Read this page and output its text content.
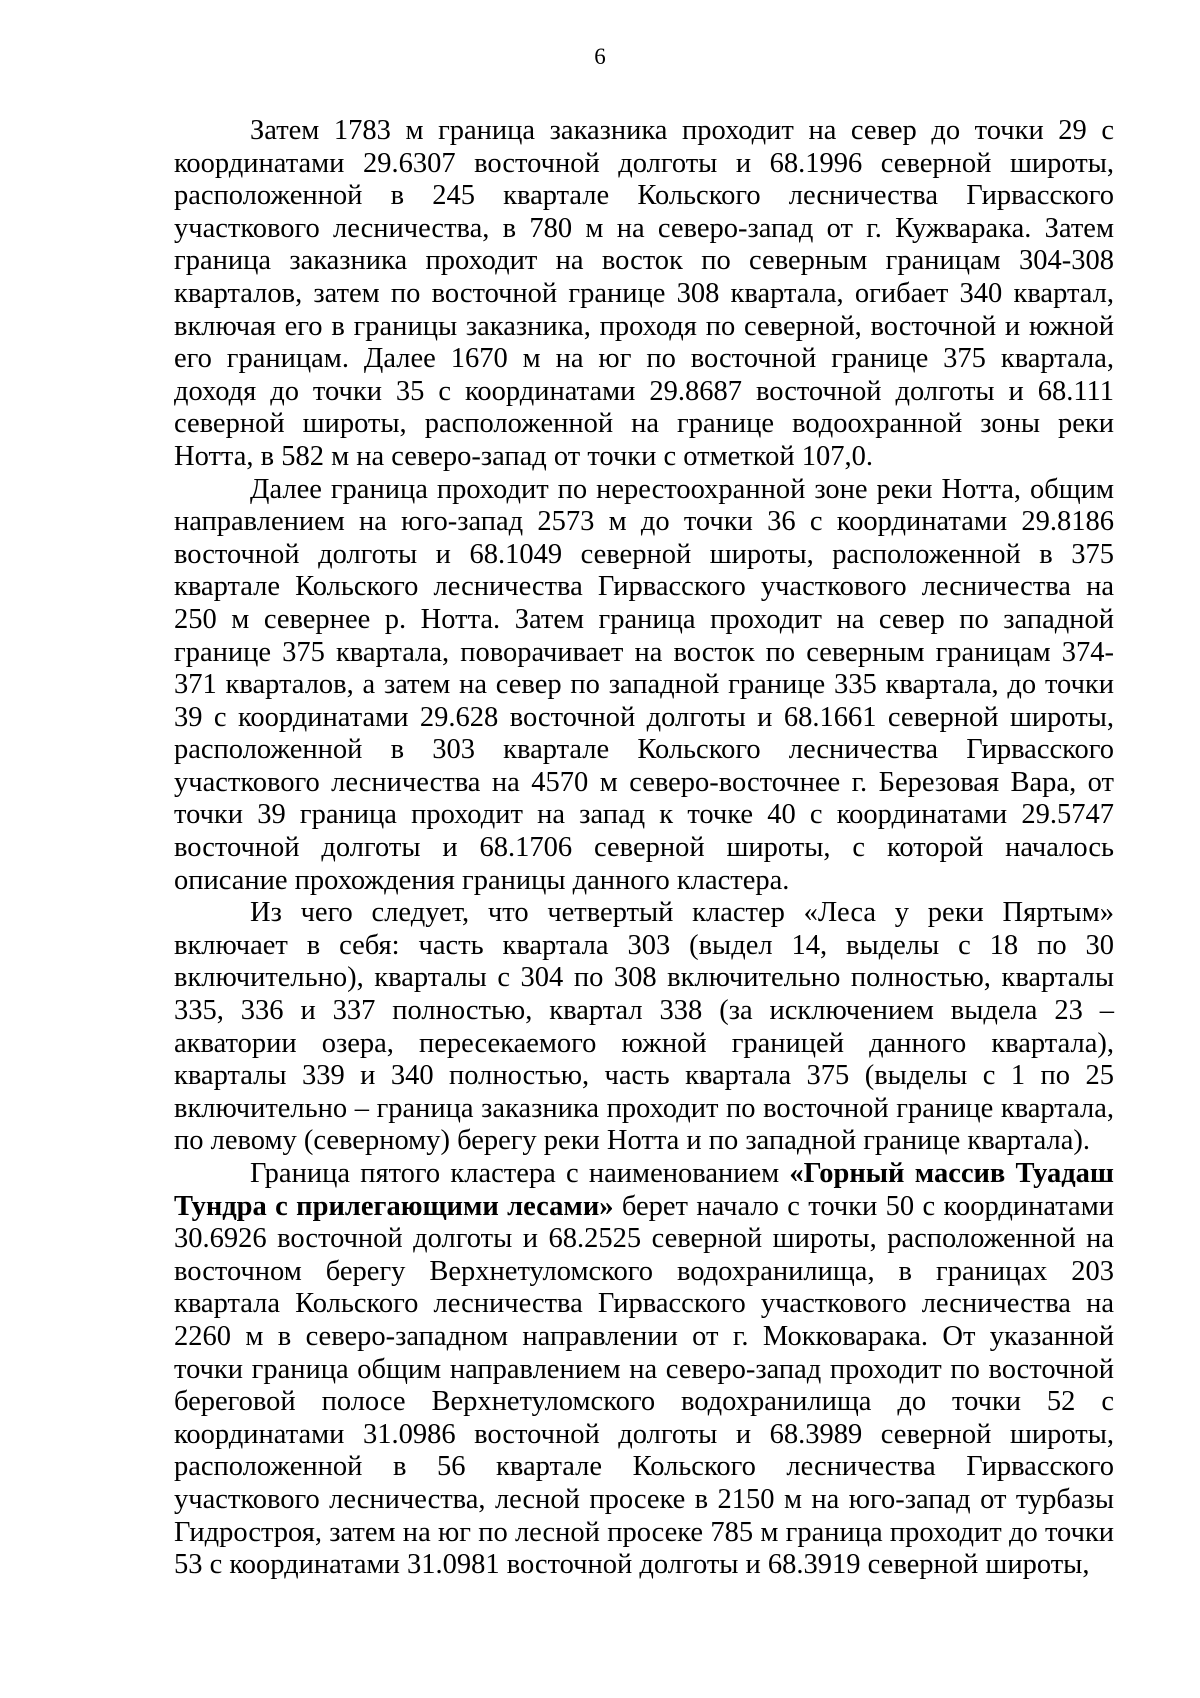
6

Затем 1783 м граница заказника проходит на север до точки 29 с координатами 29.6307 восточной долготы и 68.1996 северной широты, расположенной в 245 квартале Кольского лесничества Гирвасского участкового лесничества, в 780 м на северо-запад от г. Кужварака. Затем граница заказника проходит на восток по северным границам 304-308 кварталов, затем по восточной границе 308 квартала, огибает 340 квартал, включая его в границы заказника, проходя по северной, восточной и южной его границам. Далее 1670 м на юг по восточной границе 375 квартала, доходя до точки 35 с координатами 29.8687 восточной долготы и 68.111 северной широты, расположенной на границе водоохранной зоны реки Нотта, в 582 м на северо-запад от точки с отметкой 107,0.

Далее граница проходит по нерестоохранной зоне реки Нотта, общим направлением на юго-запад 2573 м до точки 36 с координатами 29.8186 восточной долготы и 68.1049 северной широты, расположенной в 375 квартале Кольского лесничества Гирвасского участкового лесничества на 250 м севернее р. Нотта. Затем граница проходит на север по западной границе 375 квартала, поворачивает на восток по северным границам 374-371 кварталов, а затем на север по западной границе 335 квартала, до точки 39 с координатами 29.628 восточной долготы и 68.1661 северной широты, расположенной в 303 квартале Кольского лесничества Гирвасского участкового лесничества на 4570 м северо-восточнее г. Березовая Вара, от точки 39 граница проходит на запад к точке 40 с координатами 29.5747 восточной долготы и 68.1706 северной широты, с которой началось описание прохождения границы данного кластера.

Из чего следует, что четвертый кластер «Леса у реки Пяртым» включает в себя: часть квартала 303 (выдел 14, выделы с 18 по 30 включительно), кварталы с 304 по 308 включительно полностью, кварталы 335, 336 и 337 полностью, квартал 338 (за исключением выдела 23 – акватории озера, пересекаемого южной границей данного квартала), кварталы 339 и 340 полностью, часть квартала 375 (выделы с 1 по 25 включительно – граница заказника проходит по восточной границе квартала, по левому (северному) берегу реки Нотта и по западной границе квартала).

Граница пятого кластера с наименованием «Горный массив Туадаш Тундра с прилегающими лесами» берет начало с точки 50 с координатами 30.6926 восточной долготы и 68.2525 северной широты, расположенной на восточном берегу Верхнетуломского водохранилища, в границах 203 квартала Кольского лесничества Гирвасского участкового лесничества на 2260 м в северо-западном направлении от г. Мокковарака. От указанной точки граница общим направлением на северо-запад проходит по восточной береговой полосе Верхнетуломского водохранилища до точки 52 с координатами 31.0986 восточной долготы и 68.3989 северной широты, расположенной в 56 квартале Кольского лесничества Гирвасского участкового лесничества, лесной просеке в 2150 м на юго-запад от турбазы Гидростроя, затем на юг по лесной просеке 785 м граница проходит до точки 53 с координатами 31.0981 восточной долготы и 68.3919 северной широты,
